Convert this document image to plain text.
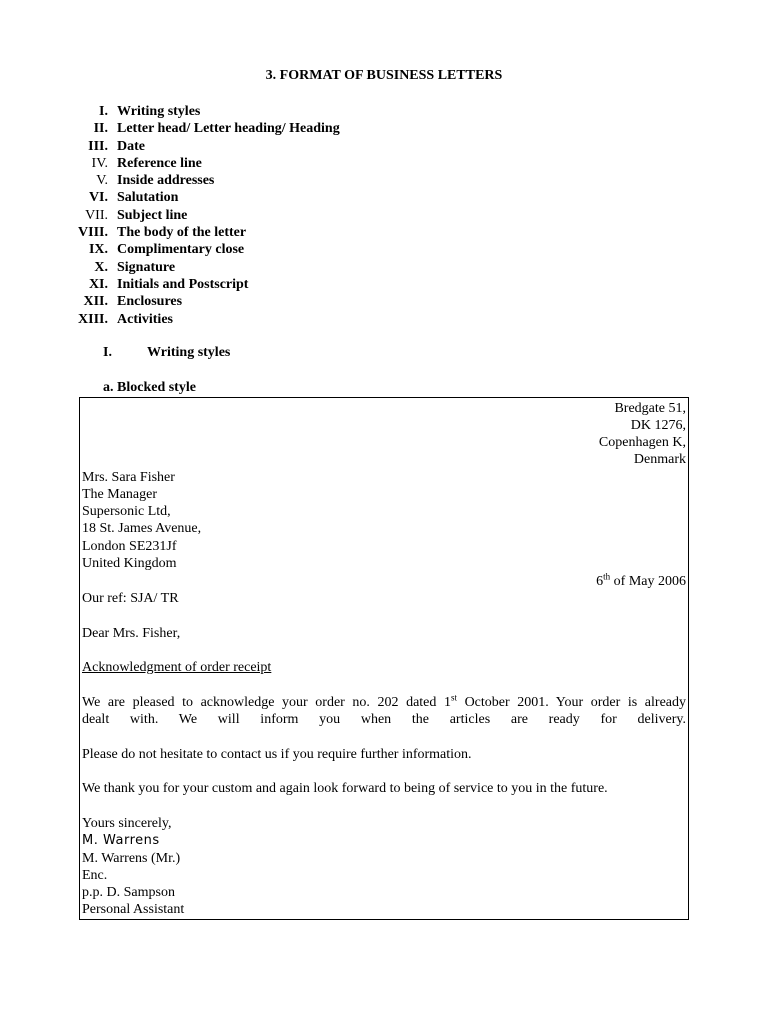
3. FORMAT OF BUSINESS LETTERS
I. Writing styles
II. Letter head/ Letter heading/ Heading
III. Date
IV. Reference line
V. Inside addresses
VI. Salutation
VII. Subject line
VIII. The body of the letter
IX. Complimentary close
X. Signature
XI. Initials and Postscript
XII. Enclosures
XIII. Activities
I.	Writing styles
a. Blocked style
Bredgate 51,
DK 1276,
Copenhagen K,
Denmark
Mrs. Sara Fisher
The Manager
Supersonic Ltd,
18 St. James Avenue,
London SE231Jf
United Kingdom
6th of May 2006
Our ref: SJA/ TR
Dear Mrs. Fisher,
Acknowledgment of order receipt
We are pleased to acknowledge your order no. 202 dated 1st October 2001. Your order is already
dealt with. We will inform you when the articles are ready for delivery.
Please do not hesitate to contact us if you require further information.
We thank you for your custom and again look forward to being of service to you in the future.
Yours sincerely,
M. Warrens
M. Warrens (Mr.)
Enc.
p.p. D. Sampson
Personal Assistant
